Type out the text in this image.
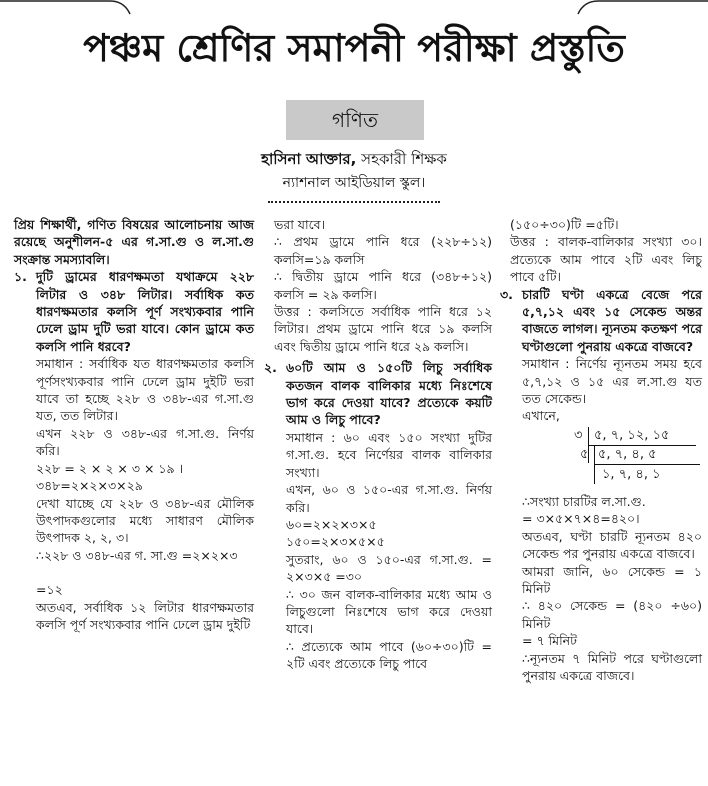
পঞ্চম শ্রেণির সমাপনী পরীক্ষা প্রস্তুতি
গণিত
হাসিনা আক্তার, সহকারী শিক্ষক
ন্যাশনাল আইডিয়াল স্কুল।

প্রিয় শিক্ষার্থী, গণিত বিষয়ের আলোচনায় আজ রয়েছে অনুশীলন-৫ এর গ.সা.গু ও ল.সা.গু সংক্রান্ত সমস্যাবলি।

১. দুটি ড্রামের ধারণক্ষমতা যথাক্রমে ২২৮ লিটার ও ৩৪৮ লিটার। সর্বাধিক কত ধারণক্ষমতার কলসি পূর্ণ সংখ্যকবার পানি ঢেলে ড্রাম দুটি ভরা যাবে। কোন ড্রামে কত কলসি পানি ধরবে?

সমাধান : সর্বাধিক যত ধারণক্ষমতার কলসি পূর্ণসংখ্যকবার পানি ঢেলে ড্রাম দুইটি ভরা যাবে তা হচ্ছে ২২৮ ও ৩৪৮-এর গ.সা.গু যত, তত লিটার।

এখন ২২৮ ও ৩৪৮-এর গ.সা.গু. নির্ণয় করি।

২২৮ = ২ × ২ × ৩ × ১৯ ।

৩৪৮=২×২×৩×২৯

দেখা যাচ্ছে যে ২২৮ ও ৩৪৮-এর মৌলিক উৎপাদকগুলোর মধ্যে সাধারণ মৌলিক উৎপাদক ২, ২, ৩।

∴২২৮ ও ৩৪৮-এর গ. সা.গু =২×২×৩

=১২

অতএব, সর্বাধিক ১২ লিটার ধারণক্ষমতার কলসি পূর্ণ সংখ্যকবার পানি ঢেলে ড্রাম দুইটি

ভরা যাবে।

∴ প্রথম ড্রামে পানি ধরে (২২৮÷১২) কলসি=১৯ কলসি

∴ দ্বিতীয় ড্রামে পানি ধরে (৩৪৮÷১২) কলসি = ২৯ কলসি।

উত্তর : কলসিতে সর্বাধিক পানি ধরে ১২ লিটার। প্রথম ড্রামে পানি ধরে ১৯ কলসি এবং দ্বিতীয় ড্রামে পানি ধরে ২৯ কলসি।

২. ৬০টি আম ও ১৫০টি লিচু সর্বাধিক কতজন বালক বালিকার মধ্যে নিঃশেষে ভাগ করে দেওয়া যাবে? প্রত্যেকে কয়টি আম ও লিচু পাবে?

সমাধান : ৬০ এবং ১৫০ সংখ্যা দুটির গ.সা.গু. হবে নির্ণেয়র বালক বালিকার সংখ্যা।

এখন, ৬০ ও ১৫০-এর গ.সা.গু. নির্ণয় করি।

৬০=২×২×৩×৫

১৫০=২×৩×৫×৫

সুতরাং, ৬০ ও ১৫০-এর গ.সা.গু. = ২×৩×৫ =৩০

∴ ৩০ জন বালক-বালিকার মধ্যে আম ও লিচুগুলো নিঃশেষে ভাগ করে দেওয়া যাবে।

∴ প্রত্যেকে আম পাবে (৬০÷৩০)টি = ২টি এবং প্রত্যেকে লিচু পাবে

(১৫০÷৩০)টি =৫টি।

উত্তর : বালক-বালিকার সংখ্যা ৩০। প্রত্যেকে আম পাবে ২টি এবং লিচু পাবে ৫টি।

৩. চারটি ঘণ্টা একত্রে বেজে পরে ৫,৭,১২ এবং ১৫ সেকেন্ড অন্তর বাজতে লাগল। ন্যূনতম কতক্ষণ পরে ঘণ্টাগুলো পুনরায় একত্রে বাজবে?

সমাধান : নির্ণেয় ন্যূনতম সময় হবে ৫,৭,১২ ও ১৫ এর ল.সা.গু যত তত সেকেন্ড।

এখানে,

৩ ৫, ৭, ১২, ১৫
৫ ৫, ৭, ৪, ৫
১, ৭, ৪, ১

∴সংখ্যা চারটির ল.সা.গু.

= ৩×৫×৭×৪=৪২০।

অতএব, ঘণ্টা চারটি ন্যূনতম ৪২০ সেকেন্ড পর পুনরায় একত্রে বাজবে।

আমরা জানি, ৬০ সেকেন্ড = ১ মিনিট

∴ ৪২০ সেকেন্ড = (৪২০ ÷৬০) মিনিট

= ৭ মিনিট

∴ন্যূনতম ৭ মিনিট পরে ঘণ্টাগুলো পুনরায় একত্রে বাজবে।
